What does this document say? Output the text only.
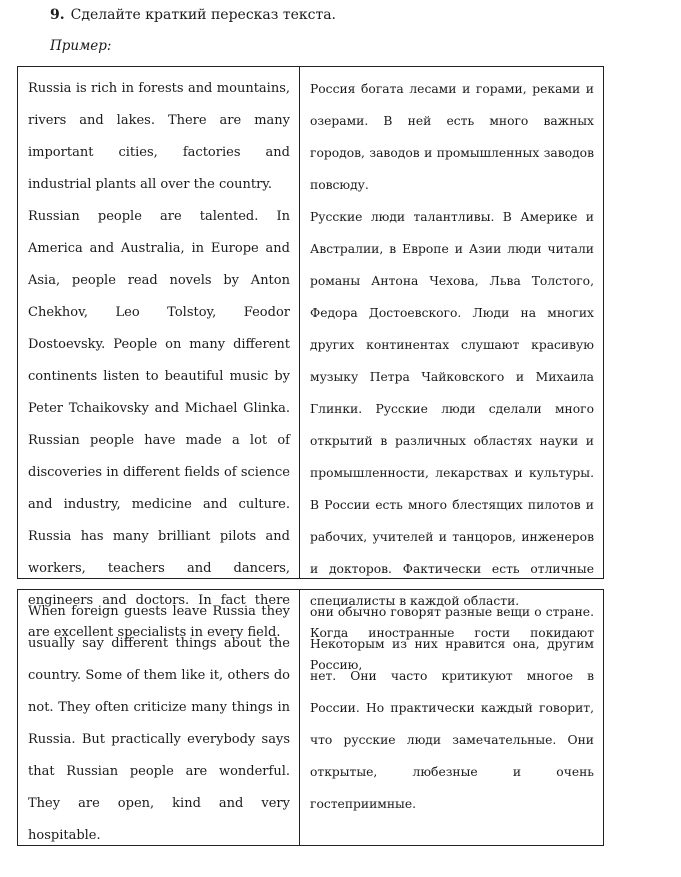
9. Сделайте краткий пересказ текста.
Пример:

Russia is rich in forests and mountains, rivers and lakes. There are many important cities, factories and industrial plants all over the country.

Russian people are talented. In America and Australia, in Europe and Asia, people read novels by Anton Chekhov, Leo Tolstoy, Feodor Dostoevsky. People on many different continents listen to beautiful music by Peter Tchaikovsky and Michael Glinka. Russian people have made a lot of discoveries in different fields of science and industry, medicine and culture. Russia has many brilliant pilots and workers, teachers and dancers, engineers and doctors. In fact there are excellent specialists in every field.

Россия богата лесами и горами, реками и озерами. В ней есть много важных городов, заводов и промышленных заводов повсюду.

Русские люди талантливы. В Америке и Австралии, в Европе и Азии люди читали романы Антона Чехова, Льва Толстого, Федора Достоевского. Люди на многих других континентах слушают красивую музыку Петра Чайковского и Михаила Глинки. Русские люди сделали много открытий в различных областях науки и промышленности, лекарствах и культуры. В России есть много блестящих пилотов и рабочих, учителей и танцоров, инженеров и докторов. Фактически есть отличные специалисты в каждой области.

Когда иностранные гости покидают Россию,

When foreign guests leave Russia they usually say different things about the country. Some of them like it, others do not. They often criticize many things in Russia. But practically everybody says that Russian people are wonderful. They are open, kind and very hospitable.

они обычно говорят разные вещи о стране. Некоторым из них нравится она, другим нет. Они часто критикуют многое в России. Но практически каждый говорит, что русские люди замечательные. Они открытые, любезные и очень гостеприимные.
